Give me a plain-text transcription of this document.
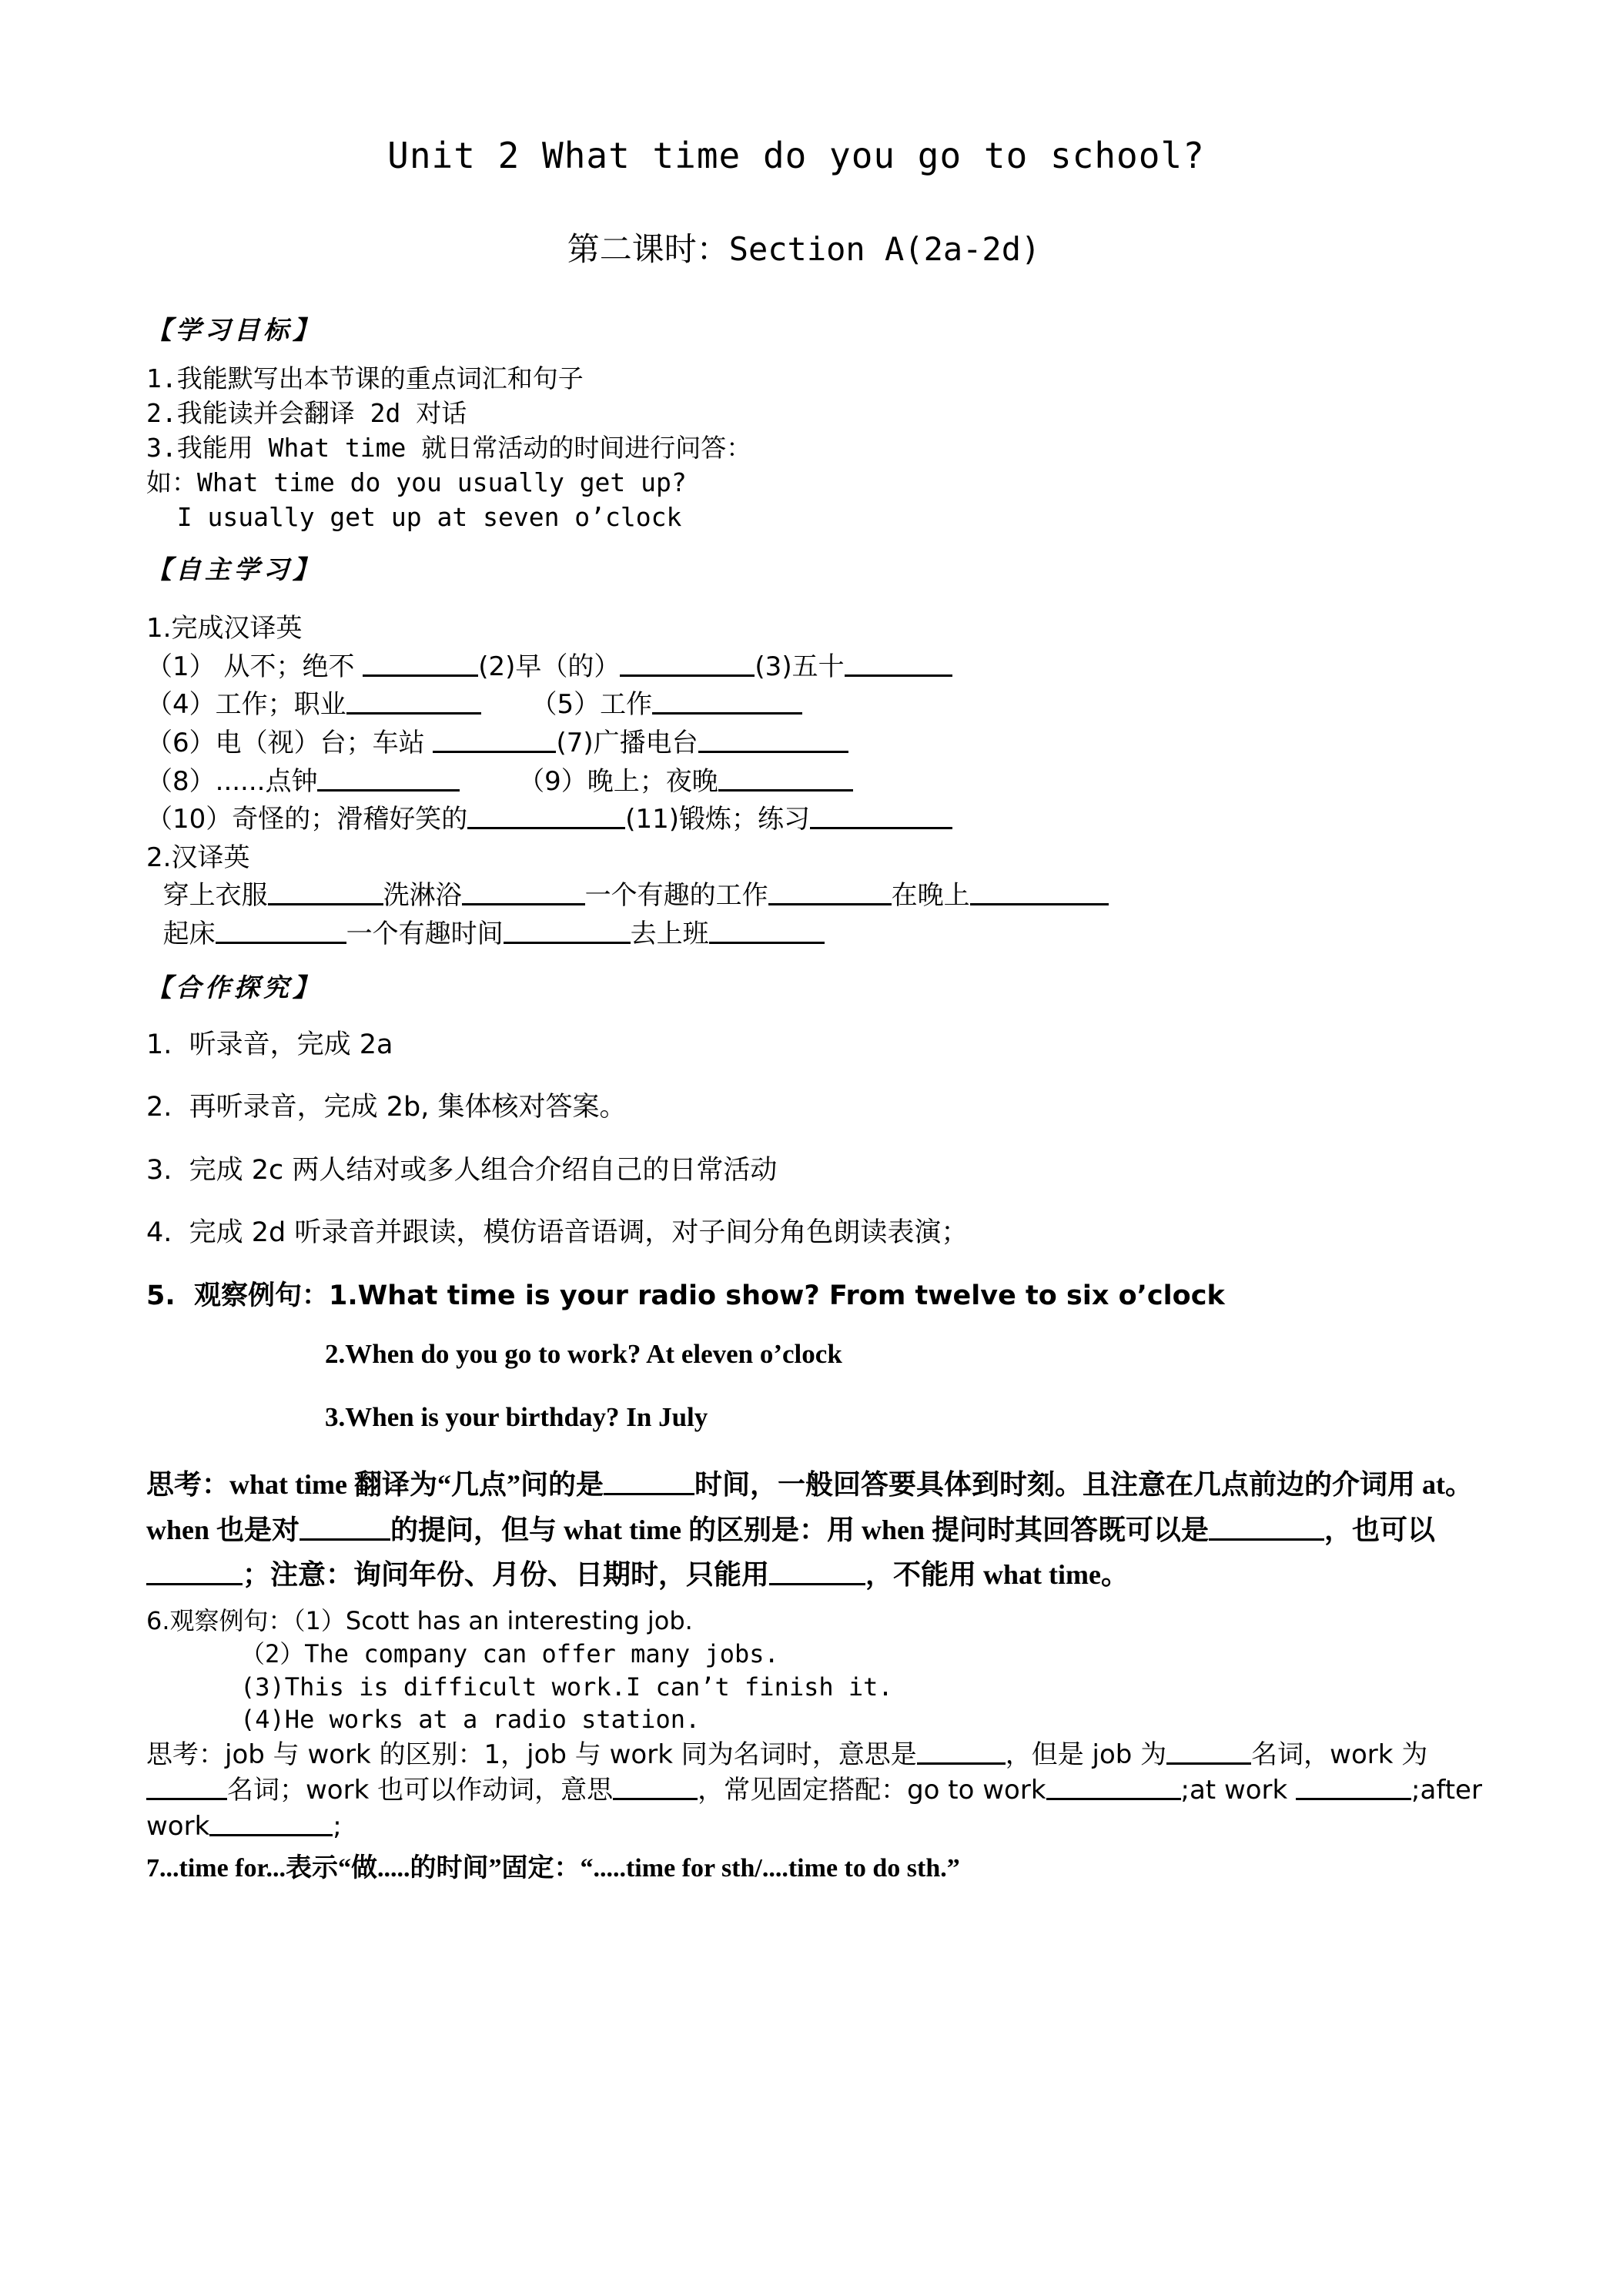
Unit 2 What time do you go to school?
第二课时：Section A(2a-2d)
【学习目标】
1.我能默写出本节课的重点词汇和句子
2.我能读并会翻译 2d 对话
3.我能用 What time 就日常活动的时间进行问答：
如：What time do you usually get up?
I usually get up at seven o’clock
【自主学习】
1.完成汉译英
（1） 从不；绝不	(2)早（的）	(3)五十
（4）工作；职业	（5）工作
（6）电（视）台；车站	(7)广播电台
（8）......点钟	（9）晚上；夜晚
（10）奇怪的；滑稽好笑的	(11)锻炼；练习
2.汉译英
穿上衣服	洗淋浴	一个有趣的工作	在晚上
起床	一个有趣时间	去上班
【合作探究】
1.  听录音，完成 2a
2.  再听录音，完成 2b, 集体核对答案。
3.  完成 2c 两人结对或多人组合介绍自己的日常活动
4.  完成 2d 听录音并跟读，模仿语音语调，对子间分角色朗读表演；
5.  观察例句：1.What time is your radio show? From twelve to six o’clock
2.When do you go to work? At eleven o’clock
3.When is your birthday? In July
思考：what time 翻译为“几点”问的是	时间，一般回答要具体到时刻。且注意在几点前边的介词用 at。when 也是对	的提问，但与 what time 的区别是：用 when 提问时其回答既可以是	，也可以；注意：询问年份、月份、日期时，只能用	，不能用 what time。
6.观察例句：（1）Scott has an interesting job.
（2）The company can offer many jobs.
(3)This is difficult work.I can’t finish it.
(4)He works at a radio station.
思考：job 与 work 的区别：1，job 与 work 同为名词时，意思是	，但是 job 为	名词，work 为名词；work 也可以作动词，意思	，常见固定搭配：go to work	;at work	;after work	;
7...time for...表示“做.....的时间”固定：“.....time for sth/....time to do sth.”
